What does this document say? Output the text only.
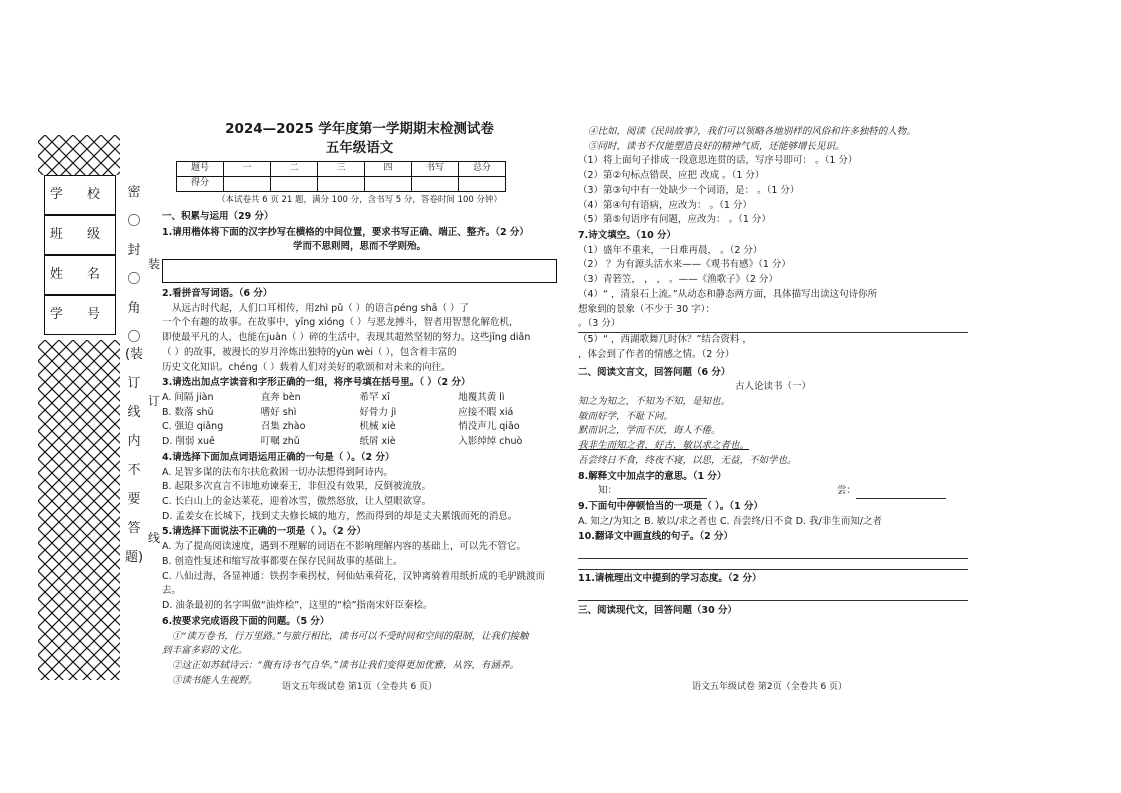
学 校
班 级
姓 名
学 号
密
〇
封
〇
角
〇
(装
订
线
内
不
要
答
题)
装
订
线
2024—2025 学年度第一学期期末检测试卷
五年级语文
题号	一	二	三	四	书写	总分
得分						
（本试卷共 6 页 21 题，满分 100 分，含书写 5 分，答卷时间 100 分钟）
一、积累与运用（29 分）
1.请用楷体将下面的汉字抄写在横格的中间位置，要求书写正确、端正、整齐。（2 分）
学而不思则罔，思而不学则殆。
2.看拼音写词语。（6 分）
从远古时代起，人们口耳相传，用zhì pǔ（ ）的语言péng shā（ ）了
一个个有趣的故事。在故事中，yīng xióng（ ）与恶龙搏斗，智者用智慧化解危机，
即使最平凡的人，也能在juàn（ ）碎的生活中，表现其超然坚韧的努力。这些jīng diǎn
（ ）的故事，被漫长的岁月淬炼出独特的yùn wèi（ ），包含着丰富的
历史文化知识。chéng（ ）载着人们对美好的歌颂和对未来的向往。
3.请选出加点字读音和字形正确的一组，将序号填在括号里。（ ）（2 分）
A. 间隔 jiàn	直奔 bèn	希罕 xī	地覆其黄 lì
B. 数落 shǔ	嗜好 shì	好骨力 jì	应接不暇 xiá
C. 强迫 qiǎng	召集 zhào	机械 xiè	悄没声儿 qiāo
D. 削弱 xuē	叮嘱 zhǔ	纸屑 xiè	入影绰绰 chuò
4.请选择下面加点词语运用正确的一句是（ ）。（2 分）
A. 足智多谋的法布尔扶危救困一切办法想得到阿诗内。
B. 起限多次直言不讳地劝谏秦王，非但没有效果，反倒被流放。
C. 长白山上的金达莱花，迎着冰雪，傲然怒放，让人望眼欲穿。
D. 孟姜女在长城下，找到丈夫修长城的地方，然而得到的却是丈夫累饿而死的消息。
5.请选择下面说法不正确的一项是（ ）。（2 分）
A. 为了提高阅读速度，遇到不理解的词语在不影响理解内容的基础上，可以先不管它。
B. 创造性复述和缩写故事都要在保存民间故事的基础上。
C. 八仙过海，各显神通：铁拐李乘拐杖，何仙姑乘荷花，汉钟离骑着用纸折成的毛驴跳渡而去。
D. 油条最初的名字叫做“油炸桧”，这里的“桧”指南宋奸臣秦桧。
6.按要求完成语段下面的问题。（5 分）
①“读万卷书，行万里路。”与旅行相比，读书可以不受时间和空间的限制，让我们接触
到丰富多彩的文化。
②这正如苏轼诗云：“腹有诗书气自华。”读书让我们变得更加优雅，从容，有涵养。
③读书能人生视野。
语文五年级试卷 第1页（全卷共 6 页）
④比如，阅读《民间故事》，我们可以领略各地别样的风俗和许多独特的人物。
⑤同时，读书不仅能塑造良好的精神气质，还能够增长见识。
（1）将上面句子排成一段意思连贯的话，写序号即可： 。（1 分）
（2）第②句标点错误，应把 改成 。（1 分）
（3）第③句中有一处缺少一个词语，是： 。（1 分）
（4）第④句有语病，应改为： 。（1 分）
（5）第⑤句语序有问题，应改为： 。（1 分）
7.诗文填空。（10 分）
（1）盛年不重来，一日难再晨， 。（2 分）
（2） ？为有源头活水来——《观书有感》（1 分）
（3）青箬笠， ， ， 。——《渔歌子》（2 分）
（4）“ ，清泉石上流。”从动态和静态两方面，具体描写出读这句诗你所
想象到的景象（不少于 30 字）：
。（3 分）
（5）“ ，西湖歌舞几时休？”结合资料 ，
，体会到了作者的情感之情。（2 分）
二、阅读文言文，回答问题（6 分）
古人论读书（一）
知之为知之，不知为不知，是知也。
敏而好学，不耻下问。
默而识之，学而不厌，诲人不倦。
我非生而知之者，好古，敏以求之者也。
吾尝终日不食，终夜不寝，以思，无益，不如学也。
8.解释文中加点字的意思。（1 分）
知：	尝：
9.下面句中停顿恰当的一项是（ ）。（1 分）
A. 知之/为知之 B. 敏以/求之者也 C. 吾尝终/日不食 D. 我/非生而知/之者
10.翻译文中画直线的句子。（2 分）
11.请梳理出文中提到的学习态度。（2 分）
三、阅读现代文，回答问题（30 分）
语文五年级试卷 第2页（全卷共 6 页）
